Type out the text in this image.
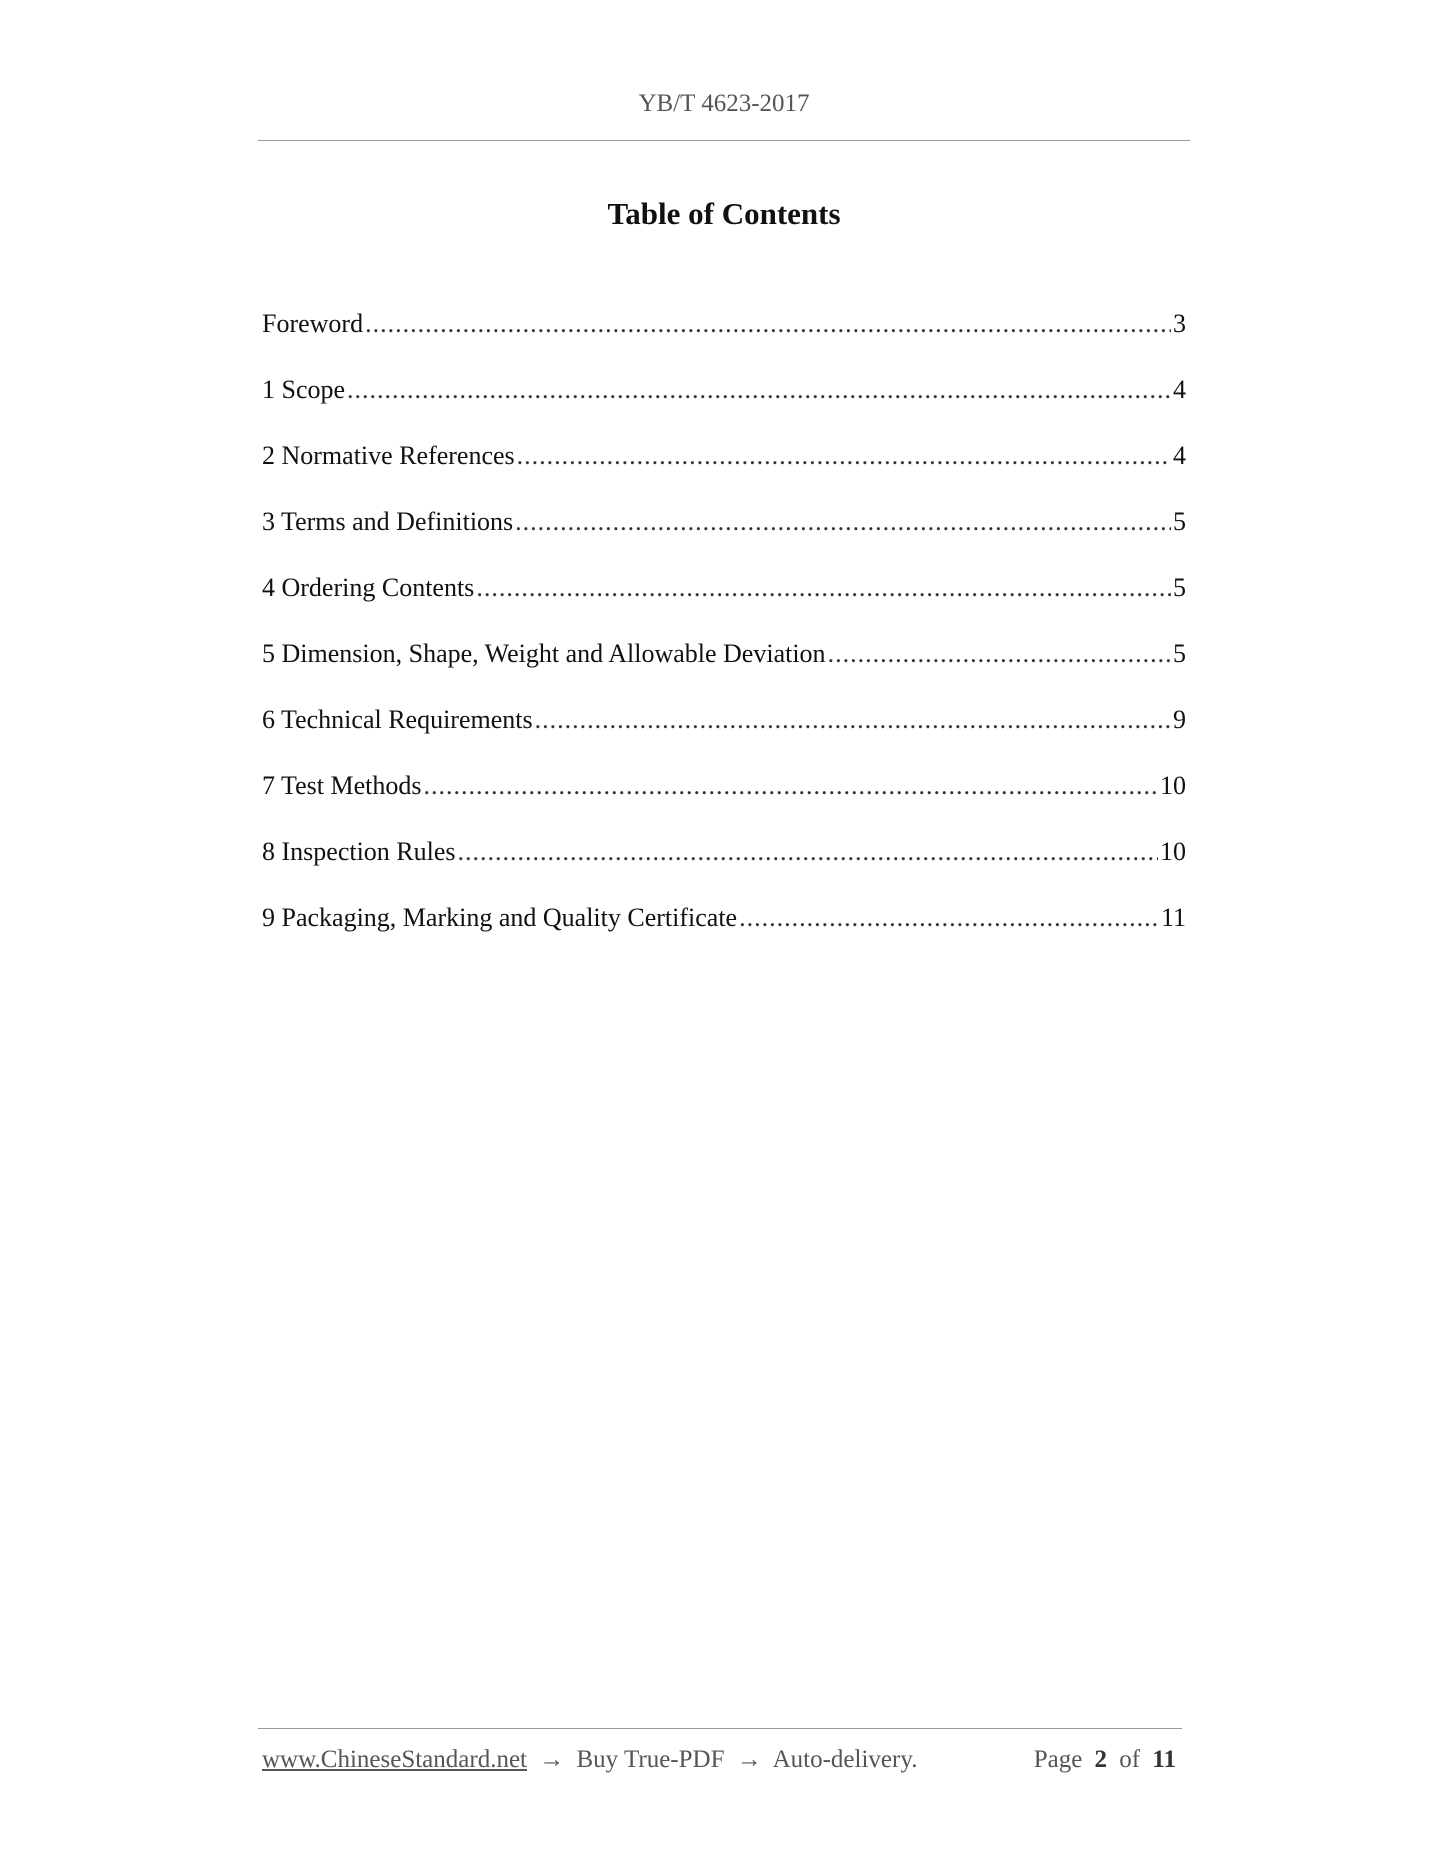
YB/T 4623-2017
Table of Contents
Foreword .....	3
1 Scope .....	4
2 Normative References .....	4
3 Terms and Definitions .....	5
4 Ordering Contents .....	5
5 Dimension, Shape, Weight and Allowable Deviation .....	5
6 Technical Requirements .....	9
7 Test Methods .....	10
8 Inspection Rules .....	10
9 Packaging, Marking and Quality Certificate .....	11
www.ChineseStandard.net → Buy True-PDF → Auto-delivery.	Page 2 of 11
